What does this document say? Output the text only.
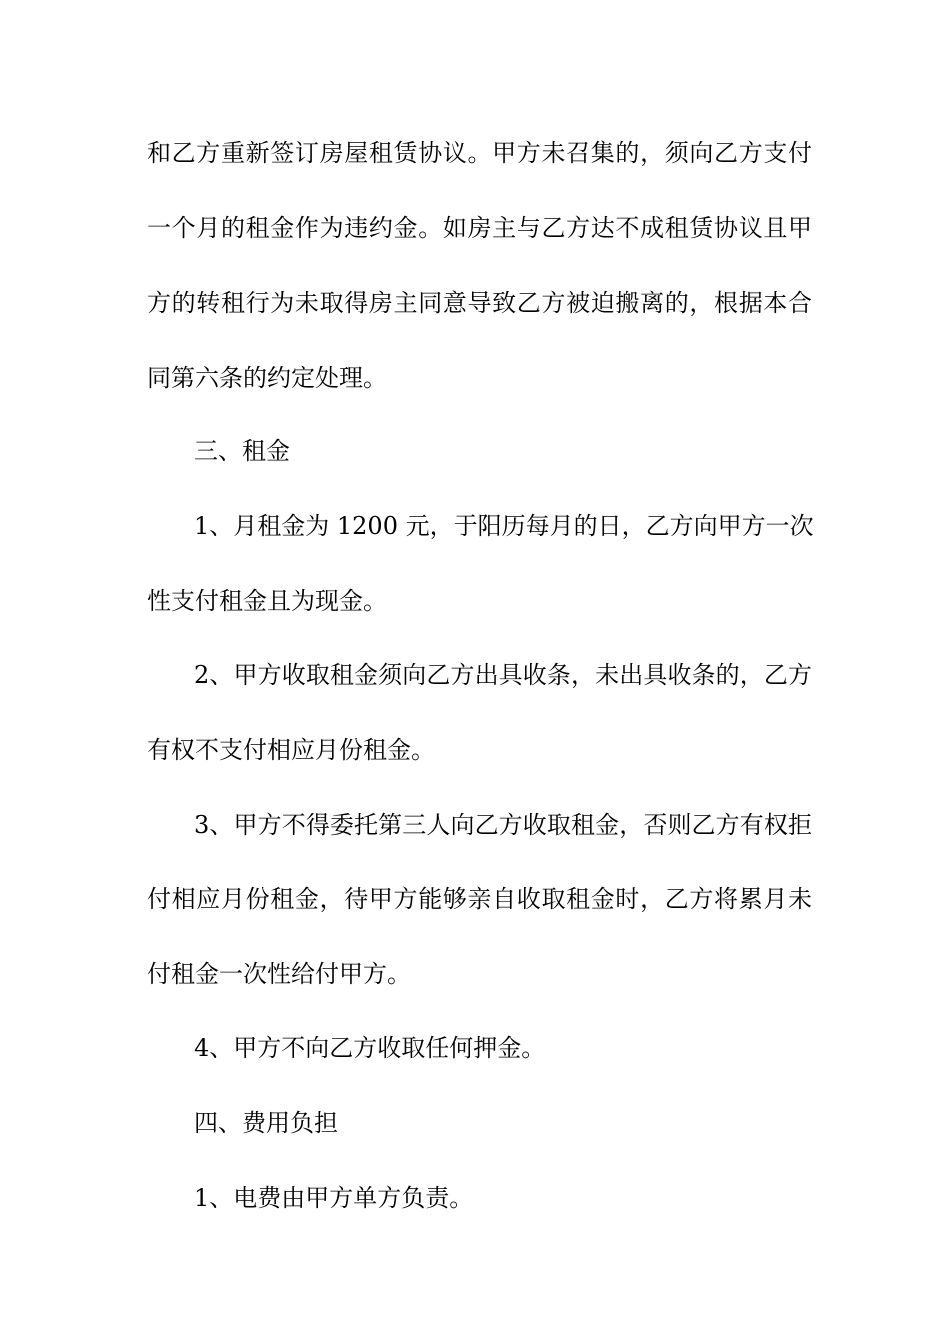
和乙方重新签订房屋租赁协议。甲方未召集的，须向乙方支付
一个月的租金作为违约金。如房主与乙方达不成租赁协议且甲
方的转租行为未取得房主同意导致乙方被迫搬离的，根据本合
同第六条的约定处理。
三、租金
1、月租金为 1200 元，于阳历每月的日，乙方向甲方一次
性支付租金且为现金。
2、甲方收取租金须向乙方出具收条，未出具收条的，乙方
有权不支付相应月份租金。
3、甲方不得委托第三人向乙方收取租金，否则乙方有权拒
付相应月份租金，待甲方能够亲自收取租金时，乙方将累月未
付租金一次性给付甲方。
4、甲方不向乙方收取任何押金。
四、费用负担
1、电费由甲方单方负责。
